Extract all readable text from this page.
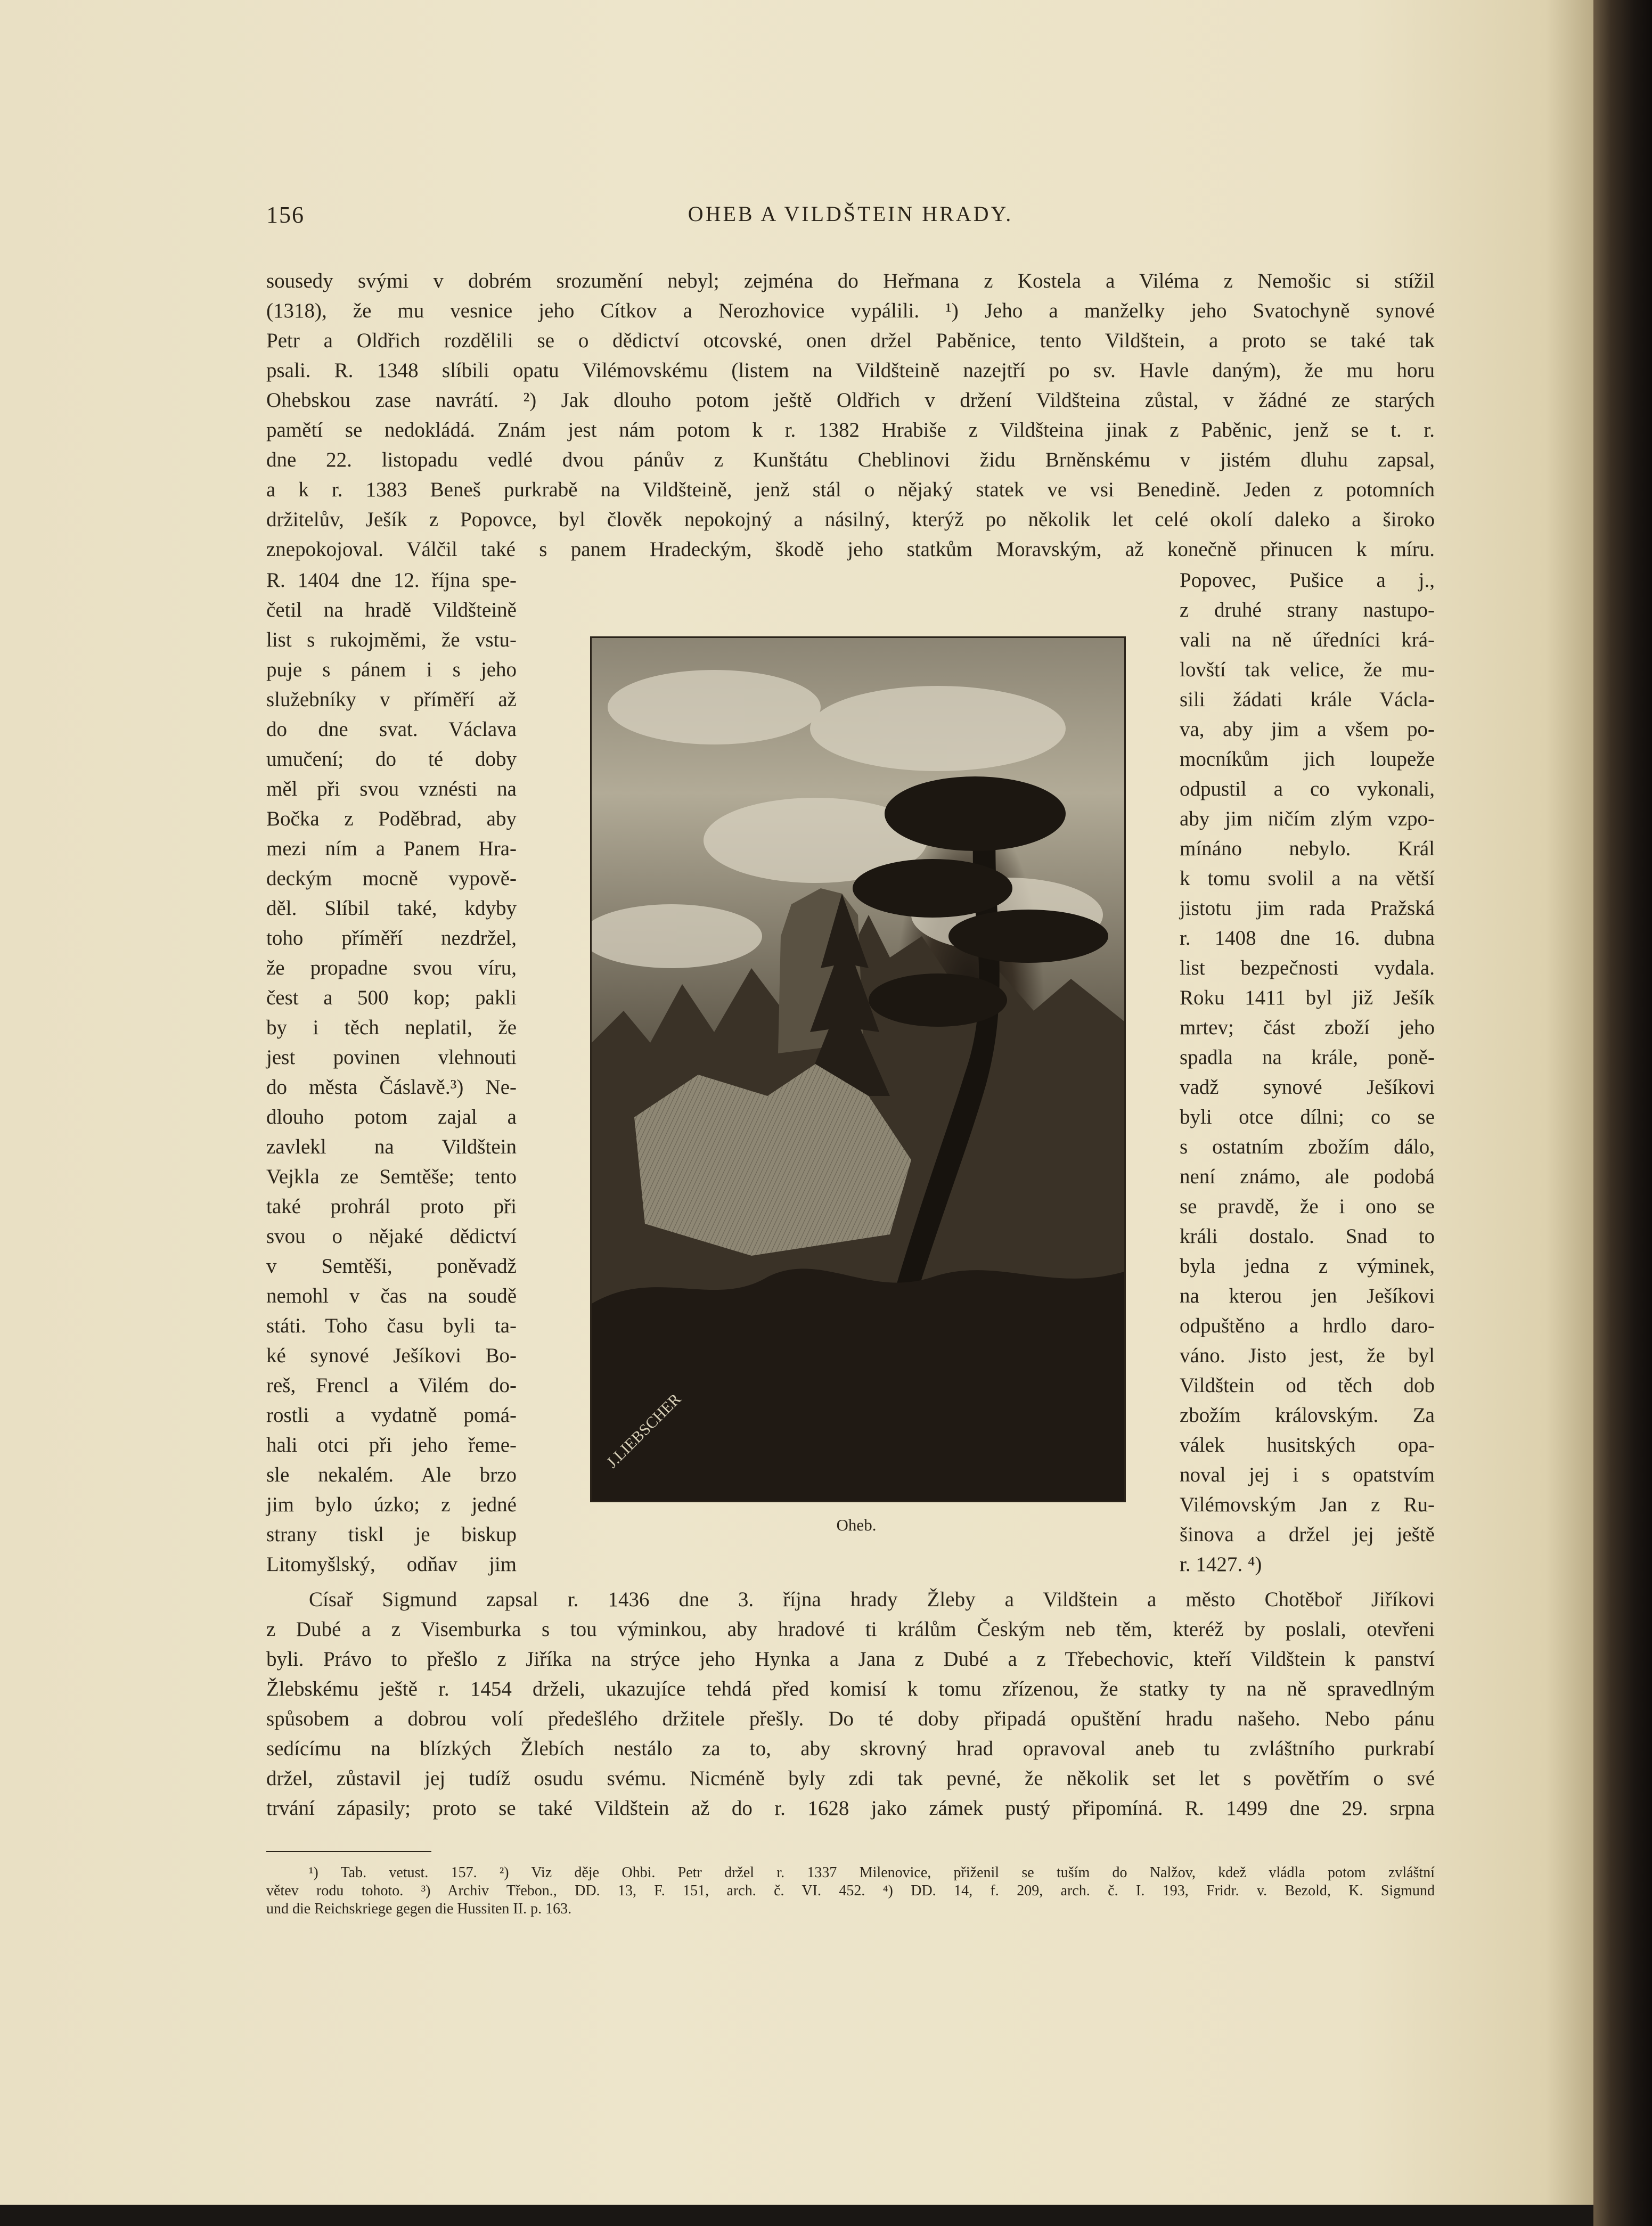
156	OHEB A VILDŠTEIN HRADY.
sousedy svými v dobrém srozumění nebyl; zejména do Heřmana z Kostela a Viléma z Nemošic si stížil
(1318), že mu vesnice jeho Cítkov a Nerozhovice vypálili. ¹) Jeho a manželky jeho Svatochyně synové
Petr a Oldřich rozdělili se o dědictví otcovské, onen držel Paběnice, tento Vildštein, a proto se také tak
psali. R. 1348 slíbili opatu Vilémovskému (listem na Vildšteině nazejtří po sv. Havle daným), že mu horu
Ohebskou zase navrátí. ²) Jak dlouho potom ještě Oldřich v držení Vildšteina zůstal, v žádné ze starých
pamětí se nedokládá. Znám jest nám potom k r. 1382 Hrabiše z Vildšteina jinak z Paběnic, jenž se t. r.
dne 22. listopadu vedlé dvou pánův z Kunštátu Cheblinovi židu Brněnskému v jistém dluhu zapsal,
a k r. 1383 Beneš purkrabě na Vildšteině, jenž stál o nějaký statek ve vsi Benedině. Jeden z potomních
držitelův, Ješík z Popovce, byl člověk nepokojný a násilný, kterýž po několik let celé okolí daleko a široko
znepokojoval. Válčil také s panem Hradeckým, škodě jeho statkům Moravským, až konečně přinucen k míru.
R. 1404 dne 12. října spe-
četil na hradě Vildšteině
list s rukojměmi, že vstu-
puje s pánem i s jeho
služebníky v příměří až
do dne svat. Václava
umučení; do té doby
měl při svou vznésti na
Bočka z Poděbrad, aby
mezi ním a Panem Hra-
deckým mocně vypově-
děl. Slíbil také, kdyby
toho příměří nezdržel,
že propadne svou víru,
čest a 500 kop; pakli
by i těch neplatil, že
jest povinen vlehnouti
do města Čáslavě.³) Ne-
dlouho potom zajal a
zavlekl na Vildštein
Vejkla ze Semtěše; tento
také prohrál proto při
svou o nějaké dědictví
v Semtěši, poněvadž
nemohl v čas na soudě
státi. Toho času byli ta-
ké synové Ješíkovi Bo-
reš, Frencl a Vilém do-
rostli a vydatně pomá-
hali otci při jeho řeme-
sle nekalém. Ale brzo
jim bylo úzko; z jedné
strany tiskl je biskup
Litomyšlský, odňav jim
Popovec, Pušice a j.,
z druhé strany nastupo-
vali na ně úředníci krá-
lovští tak velice, že mu-
sili žádati krále Václa-
va, aby jim a všem po-
mocníkům jich loupeže
odpustil a co vykonali,
aby jim ničím zlým vzpo-
mínáno nebylo. Král
k tomu svolil a na větší
jistotu jim rada Pražská
r. 1408 dne 16. dubna
list bezpečnosti vydala.
Roku 1411 byl již Ješík
mrtev; část zboží jeho
spadla na krále, poně-
vadž synové Ješíkovi
byli otce dílni; co se
s ostatním zbožím dálo,
není známo, ale podobá
se pravdě, že i ono se
králi dostalo. Snad to
byla jedna z výminek,
na kterou jen Ješíkovi
odpuštěno a hrdlo daro-
váno. Jisto jest, že byl
Vildštein od těch dob
zbožím královským. Za
válek husitských opa-
noval jej i s opatstvím
Vilémovským Jan z Ru-
šinova a držel jej ještě
r. 1427. ⁴)
J.LIEBSCHER
Oheb.
Císař Sigmund zapsal r. 1436 dne 3. října hrady Žleby a Vildštein a město Chotěboř Jiříkovi
z Dubé a z Visemburka s tou výminkou, aby hradové ti králům Českým neb těm, kteréž by poslali, otevřeni
byli. Právo to přešlo z Jiříka na strýce jeho Hynka a Jana z Dubé a z Třebechovic, kteří Vildštein k panství
Žlebskému ještě r. 1454 drželi, ukazujíce tehdá před komisí k tomu zřízenou, že statky ty na ně spravedlným
spůsobem a dobrou volí předešlého držitele přešly. Do té doby připadá opuštění hradu našeho. Nebo pánu
sedícímu na blízkých Žlebích nestálo za to, aby skrovný hrad opravoval aneb tu zvláštního purkrabí
držel, zůstavil jej tudíž osudu svému. Nicméně byly zdi tak pevné, že několik set let s povětřím o své
trvání zápasily; proto se také Vildštein až do r. 1628 jako zámek pustý připomíná. R. 1499 dne 29. srpna
¹) Tab. vetust. 157. ²) Viz děje Ohbi. Petr držel r. 1337 Milenovice, přiženil se tuším do Nalžov, kdež vládla potom zvláštní
větev rodu tohoto. ³) Archiv Třebon., DD. 13, F. 151, arch. č. VI. 452. ⁴) DD. 14, f. 209, arch. č. I. 193, Fridr. v. Bezold, K. Sigmund
und die Reichskriege gegen die Hussiten II. p. 163.
